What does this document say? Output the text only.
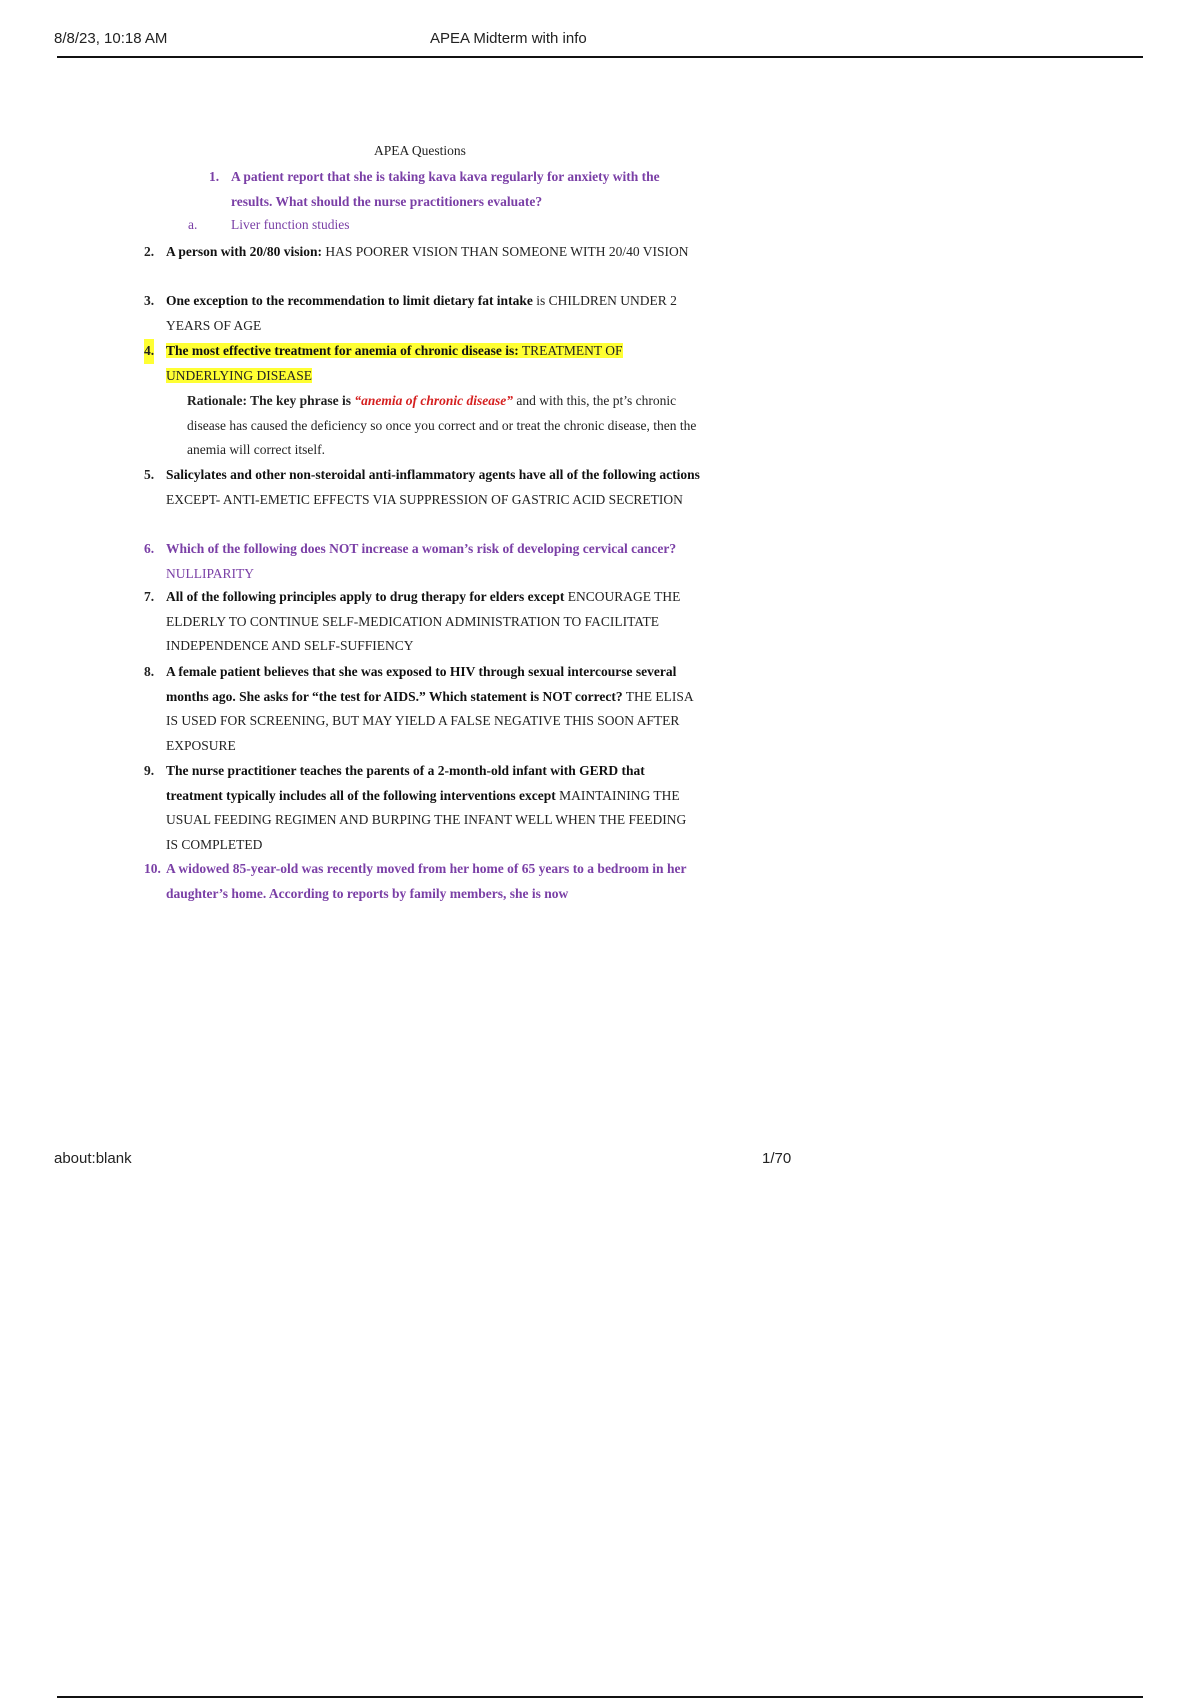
8/8/23, 10:18 AM	APEA Midterm with info
APEA Questions
1. A patient report that she is taking kava kava regularly for anxiety with the results. What should the nurse practitioners evaluate?
a. Liver function studies
2. A person with 20/80 vision: HAS POORER VISION THAN SOMEONE WITH 20/40 VISION
3. One exception to the recommendation to limit dietary fat intake is CHILDREN UNDER 2 YEARS OF AGE
4. The most effective treatment for anemia of chronic disease is: TREATMENT OF UNDERLYING DISEASE
Rationale: The key phrase is “anemia of chronic disease” and with this, the pt’s chronic disease has caused the deficiency so once you correct and or treat the chronic disease, then the anemia will correct itself.
5. Salicylates and other non-steroidal anti-inflammatory agents have all of the following actions EXCEPT- ANTI-EMETIC EFFECTS VIA SUPPRESSION OF GASTRIC ACID SECRETION
6. Which of the following does NOT increase a woman’s risk of developing cervical cancer? NULLIPARITY
7. All of the following principles apply to drug therapy for elders except ENCOURAGE THE ELDERLY TO CONTINUE SELF-MEDICATION ADMINISTRATION TO FACILITATE INDEPENDENCE AND SELF-SUFFIENCY
8. A female patient believes that she was exposed to HIV through sexual intercourse several months ago. She asks for “the test for AIDS.” Which statement is NOT correct? THE ELISA IS USED FOR SCREENING, BUT MAY YIELD A FALSE NEGATIVE THIS SOON AFTER EXPOSURE
9. The nurse practitioner teaches the parents of a 2-month-old infant with GERD that treatment typically includes all of the following interventions except MAINTAINING THE USUAL FEEDING REGIMEN AND BURPING THE INFANT WELL WHEN THE FEEDING IS COMPLETED
10. A widowed 85-year-old was recently moved from her home of 65 years to a bedroom in her daughter’s home. According to reports by family members, she is now
about:blank	1/70
